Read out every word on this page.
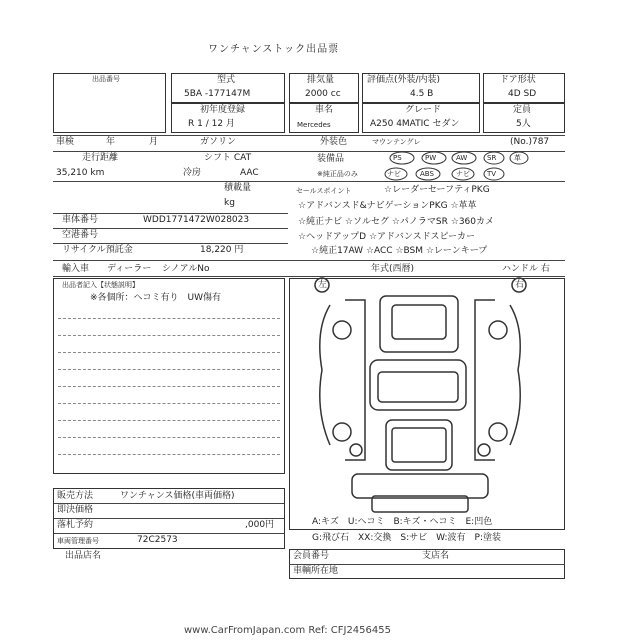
ワンチャンストック出品票
出品番号	型式
5BA -177147M
排気量
2000 cc
評価点(外装/内装)
4.5 B
ドア形状
4D SD
初年度登録
R 1 / 12 月
車名
Mercedes
グレード
A250 4MATIC セダン
定員
5人
車検	年	月	ガソリン	外装色	マウンテングレ	(No.)787
走行距離
35,210 km
シフト CAT	装備品	PS	PW	AW	SR	革
ナビ	ABS	ナビ TV
※純正品のみ
冷房	AAC
積載量
kg
セールスポイント	☆レーダーセーフティPKG
☆アドバンスド&ナビゲーションPKG ☆革革
☆純正ナビ ☆ソルセグ ☆パノラマSR ☆360カメ
☆ヘッドアップD ☆アドバンスドスピーカー
☆純正17AW ☆ACC ☆BSM ☆レーンキープ
車体番号	WDD1771472W028023
空港番号
リサイクル預託金	18,220 円
輸入車 ディーラー シノアルNo	年式(西暦)	ハンドル 右
出品者記入【状態説明】
※各個所：ヘコミ有り　UW傷有
左	右
A:キズ　U:ヘコミ　B:キズ・ヘコミ　E:凹色
G:飛び石　XX:交換　S:サビ　W:波有　P:塗装
販売方法	ワンチャンス価格(車両価格)
即決価格
落札予約	,000円
車両管理番号	72C2573
出品店名	会員番号	支店名
車輌所在地
www.CarFromJapan.com Ref: CFJ2456455
